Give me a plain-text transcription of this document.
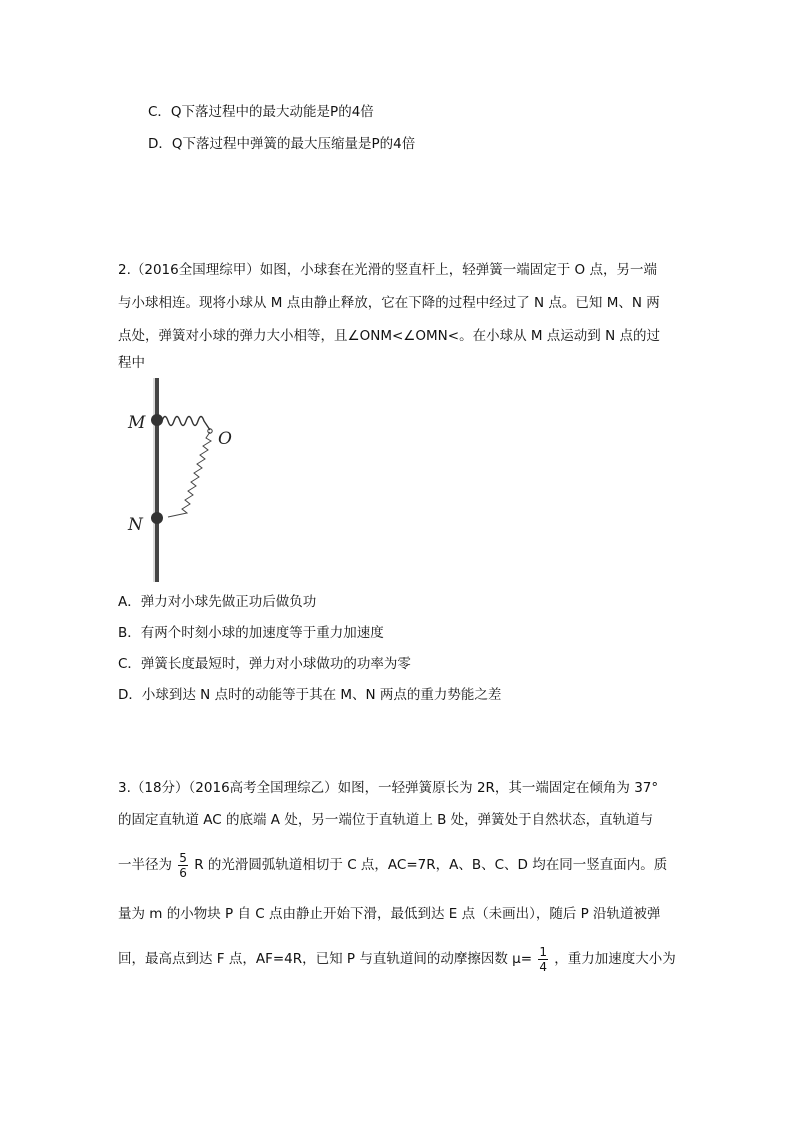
C．Q下落过程中的最大动能是P的4倍
D．Q下落过程中弹簧的最大压缩量是P的4倍
2.（2016全国理综甲）如图，小球套在光滑的竖直杆上，轻弹簧一端固定于 O 点，另一端
与小球相连。现将小球从 M 点由静止释放，它在下降的过程中经过了 N 点。已知 M、N 两
点处，弹簧对小球的弹力大小相等，且∠ONM<∠OMN<。在小球从 M 点运动到 N 点的过
程中
M
O
N
A．弹力对小球先做正功后做负功
B．有两个时刻小球的加速度等于重力加速度
C．弹簧长度最短时，弹力对小球做功的功率为零
D．小球到达 N 点时的动能等于其在 M、N 两点的重力势能之差
3.（18分）（2016高考全国理综乙）如图，一轻弹簧原长为 2R，其一端固定在倾角为 37°
的固定直轨道 AC 的底端 A 处，另一端位于直轨道上 B 处，弹簧处于自然状态，直轨道与
一半径为 $\frac{5}{6}$ R 的光滑圆弧轨道相切于 C 点，AC=7R，A、B、C、D 均在同一竖直面内。质
量为 m 的小物块 P 自 C 点由静止开始下滑，最低到达 E 点（未画出），随后 P 沿轨道被弹
回，最高点到达 F 点，AF=4R，已知 P 与直轨道间的动摩擦因数 $\mu= \frac{1}{4}$ ，重力加速度大小为
